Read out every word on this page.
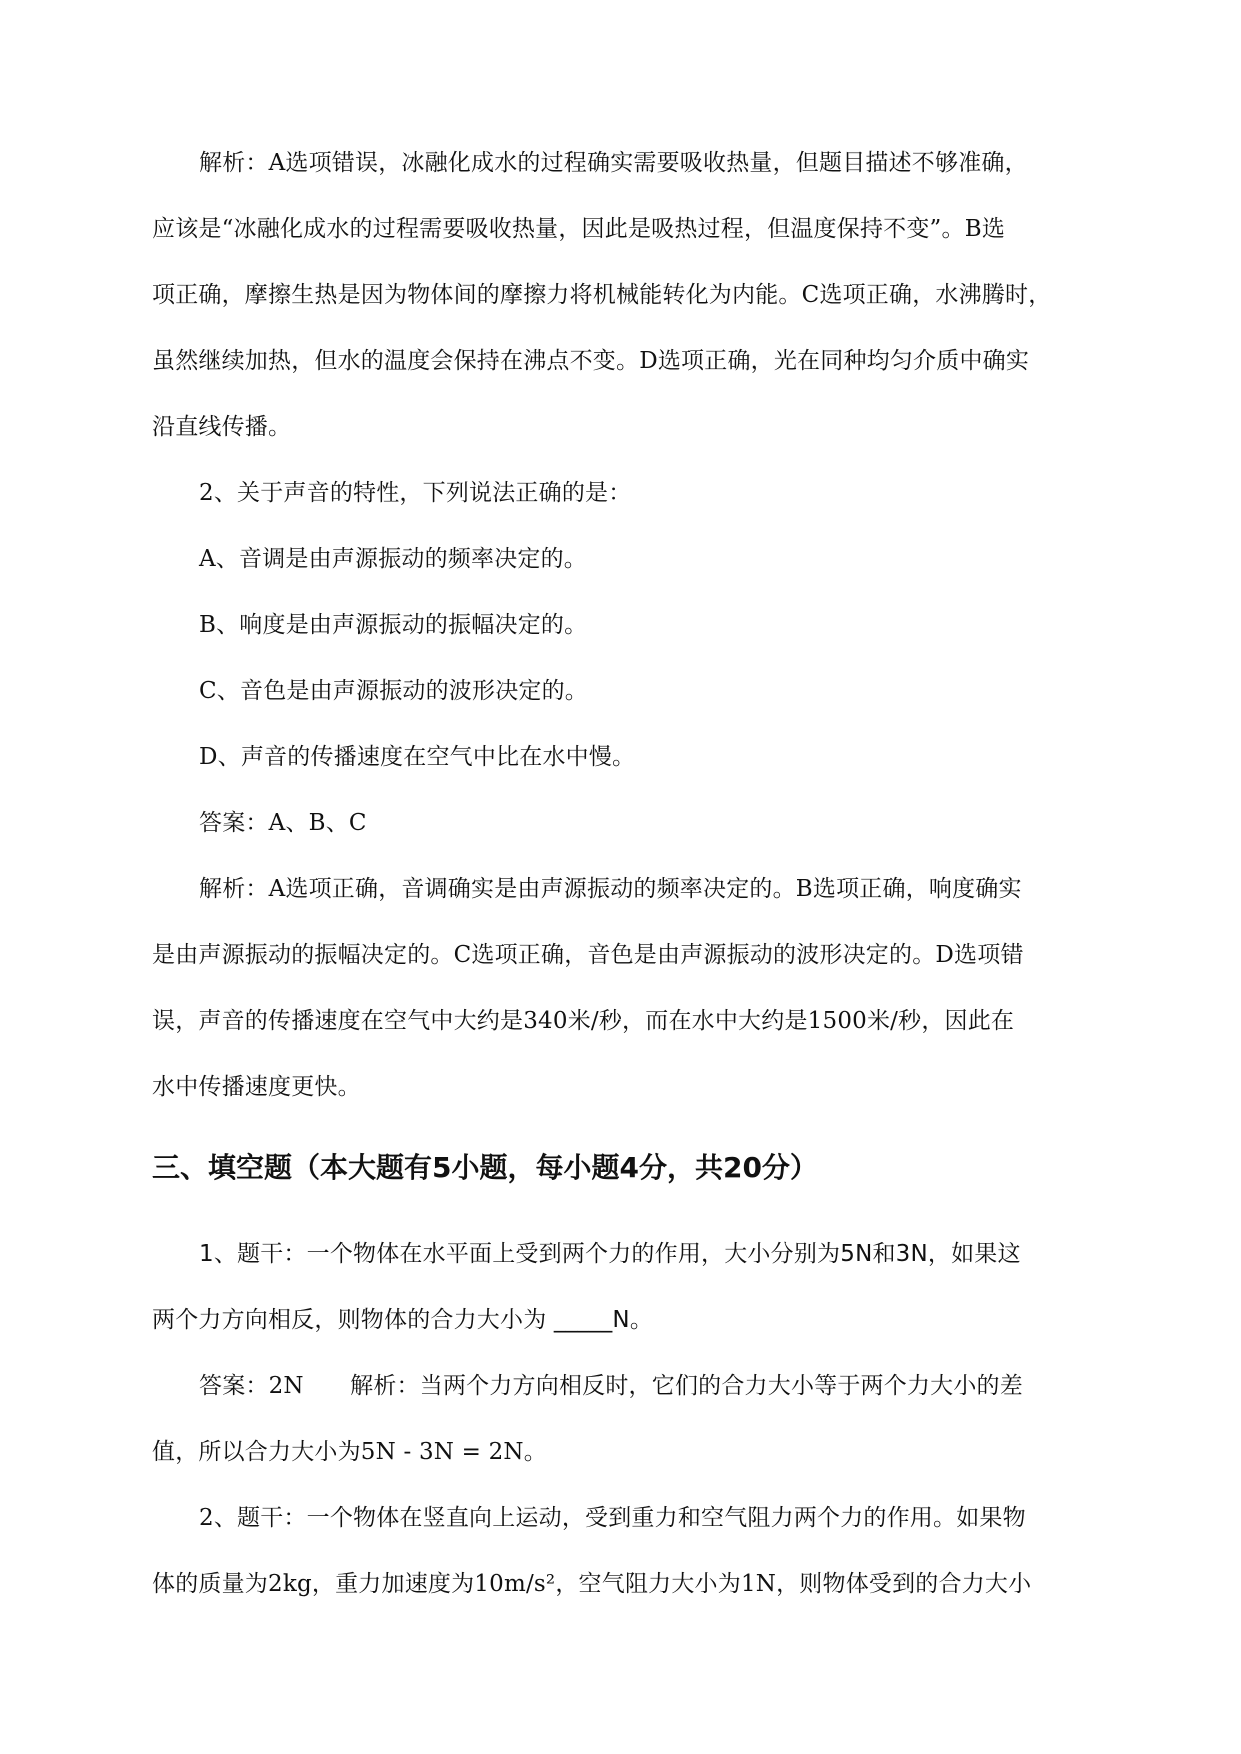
解析：A选项错误，冰融化成水的过程确实需要吸收热量，但题目描述不够准确，
应该是“冰融化成水的过程需要吸收热量，因此是吸热过程，但温度保持不变”。B选
项正确，摩擦生热是因为物体间的摩擦力将机械能转化为内能。C选项正确，水沸腾时，
虽然继续加热，但水的温度会保持在沸点不变。D选项正确，光在同种均匀介质中确实
沿直线传播。
2、关于声音的特性，下列说法正确的是：
A、音调是由声源振动的频率决定的。
B、响度是由声源振动的振幅决定的。
C、音色是由声源振动的波形决定的。
D、声音的传播速度在空气中比在水中慢。
答案：A、B、C
解析：A选项正确，音调确实是由声源振动的频率决定的。B选项正确，响度确实
是由声源振动的振幅决定的。C选项正确，音色是由声源振动的波形决定的。D选项错
误，声音的传播速度在空气中大约是340米/秒，而在水中大约是1500米/秒，因此在
水中传播速度更快。
三、填空题（本大题有5小题，每小题4分，共20分）
1、题干：一个物体在水平面上受到两个力的作用，大小分别为5N和3N，如果这
两个力方向相反，则物体的合力大小为 _____N。
答案：2N　　解析：当两个力方向相反时，它们的合力大小等于两个力大小的差
值，所以合力大小为5N - 3N = 2N。
2、题干：一个物体在竖直向上运动，受到重力和空气阻力两个力的作用。如果物
体的质量为2kg，重力加速度为10m/s²，空气阻力大小为1N，则物体受到的合力大小
